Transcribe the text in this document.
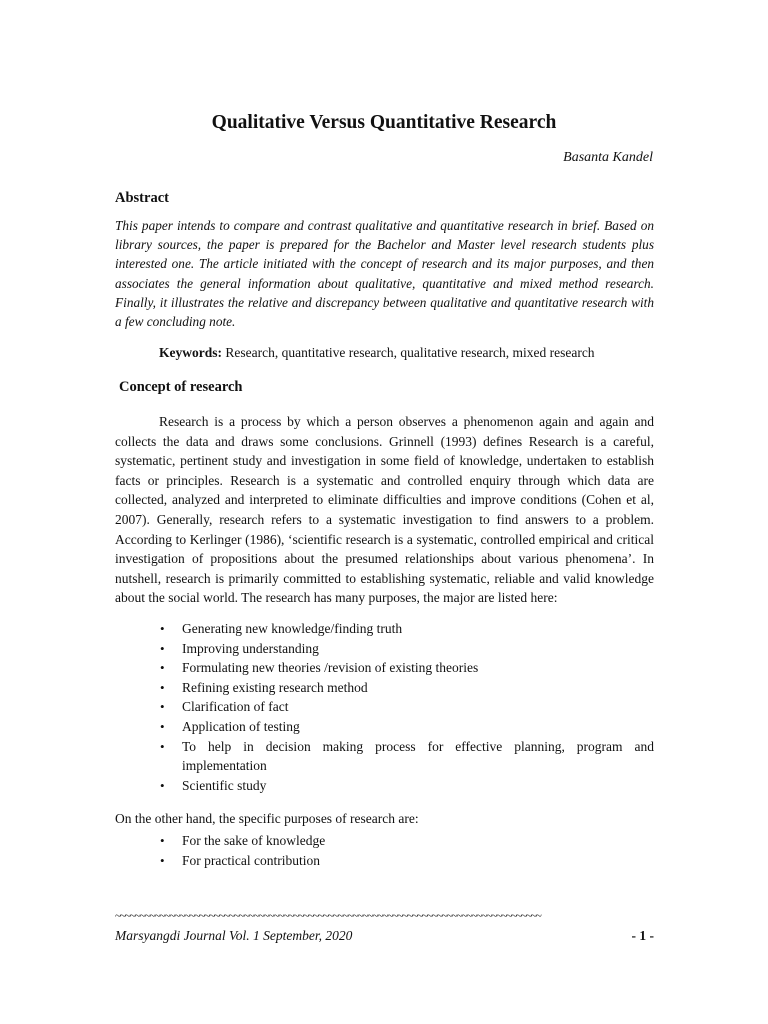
Qualitative Versus Quantitative Research
Basanta Kandel
Abstract

This paper intends to compare and contrast qualitative and quantitative research in brief. Based on library sources, the paper is prepared for the Bachelor and Master level research students plus interested one. The article initiated with the concept of research and its major purposes, and then associates the general information about qualitative, quantitative and mixed method research. Finally, it illustrates the relative and discrepancy between qualitative and quantitative research with a few concluding note.

Keywords: Research, quantitative research, qualitative research, mixed research
Concept of research

Research is a process by which a person observes a phenomenon again and again and collects the data and draws some conclusions. Grinnell (1993) defines Research is a careful, systematic, pertinent study and investigation in some field of knowledge, undertaken to establish facts or principles. Research is a systematic and controlled enquiry through which data are collected, analyzed and interpreted to eliminate difficulties and improve conditions (Cohen et al, 2007). Generally, research refers to a systematic investigation to find answers to a problem. According to Kerlinger (1986), ‘scientific research is a systematic, controlled empirical and critical investigation of propositions about the presumed relationships about various phenomena’. In nutshell, research is primarily committed to establishing systematic, reliable and valid knowledge about the social world. The research has many purposes, the major are listed here:

• Generating new knowledge/finding truth
• Improving understanding
• Formulating new theories /revision of existing theories
• Refining existing research method
• Clarification of fact
• Application of testing
• To help in decision making process for effective planning, program and implementation
• Scientific study
On the other hand, the specific purposes of research are:
• For the sake of knowledge
• For practical contribution
~~~~~~~~~~~~~~~~~~~~~~~~~~~~~~~~~~~~~~~~~~~~~~~~~~~~~~~~~~~~~~~~~~~~~~~~~~~~~~~~~~~~~~
Marsyangdi Journal Vol. 1 September, 2020	- 1 -
